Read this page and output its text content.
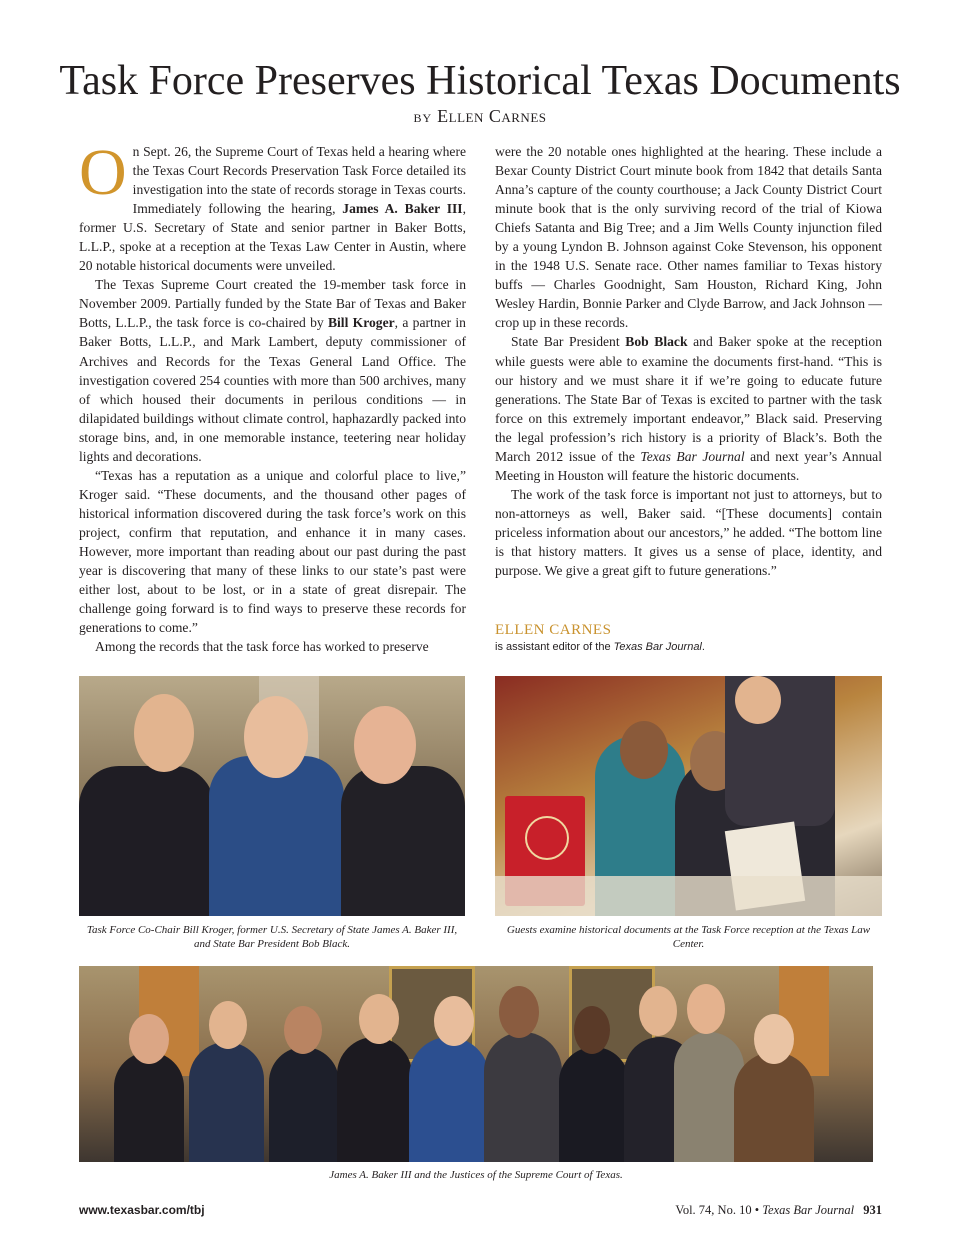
Task Force Preserves Historical Texas Documents
BY Ellen Carnes

On Sept. 26, the Supreme Court of Texas held a hearing where the Texas Court Records Preservation Task Force detailed its investigation into the state of records storage in Texas courts. Immediately following the hearing, James A. Baker III, former U.S. Secretary of State and senior partner in Baker Botts, L.L.P., spoke at a reception at the Texas Law Center in Austin, where 20 notable historical documents were unveiled.

The Texas Supreme Court created the 19-member task force in November 2009. Partially funded by the State Bar of Texas and Baker Botts, L.L.P., the task force is co-chaired by Bill Kroger, a partner in Baker Botts, L.L.P., and Mark Lambert, deputy commissioner of Archives and Records for the Texas General Land Office. The investigation covered 254 counties with more than 500 archives, many of which housed their documents in perilous conditions — in dilapidated buildings without climate control, haphazardly packed into storage bins, and, in one memorable instance, teetering near holiday lights and decorations.

“Texas has a reputation as a unique and colorful place to live,” Kroger said. “These documents, and the thousand other pages of historical information discovered during the task force’s work on this project, confirm that reputation, and enhance it in many cases. However, more important than reading about our past during the past year is discovering that many of these links to our state’s past were either lost, about to be lost, or in a state of great disrepair. The challenge going forward is to find ways to preserve these records for generations to come.”

Among the records that the task force has worked to preserve

were the 20 notable ones highlighted at the hearing. These include a Bexar County District Court minute book from 1842 that details Santa Anna’s capture of the county courthouse; a Jack County District Court minute book that is the only surviving record of the trial of Kiowa Chiefs Satanta and Big Tree; and a Jim Wells County injunction filed by a young Lyndon B. Johnson against Coke Stevenson, his opponent in the 1948 U.S. Senate race. Other names familiar to Texas history buffs — Charles Goodnight, Sam Houston, Richard King, John Wesley Hardin, Bonnie Parker and Clyde Barrow, and Jack Johnson — crop up in these records.

State Bar President Bob Black and Baker spoke at the reception while guests were able to examine the documents first-hand. “This is our history and we must share it if we’re going to educate future generations. The State Bar of Texas is excited to partner with the task force on this extremely important endeavor,” Black said. Preserving the legal profession’s rich history is a priority of Black’s. Both the March 2012 issue of the Texas Bar Journal and next year’s Annual Meeting in Houston will feature the historic documents.

The work of the task force is important not just to attorneys, but to non-attorneys as well, Baker said. “[These documents] contain priceless information about our ancestors,” he added. “The bottom line is that history matters. It gives us a sense of place, identity, and purpose. We give a great gift to future generations.”

ELLEN CARNES
is assistant editor of the Texas Bar Journal.
Task Force Co-Chair Bill Kroger, former U.S. Secretary of State James A. Baker III, and State Bar President Bob Black.
Guests examine historical documents at the Task Force reception at the Texas Law Center.
James A. Baker III and the Justices of the Supreme Court of Texas.
www.texasbar.com/tbj	Vol. 74, No. 10 • Texas Bar Journal 931
